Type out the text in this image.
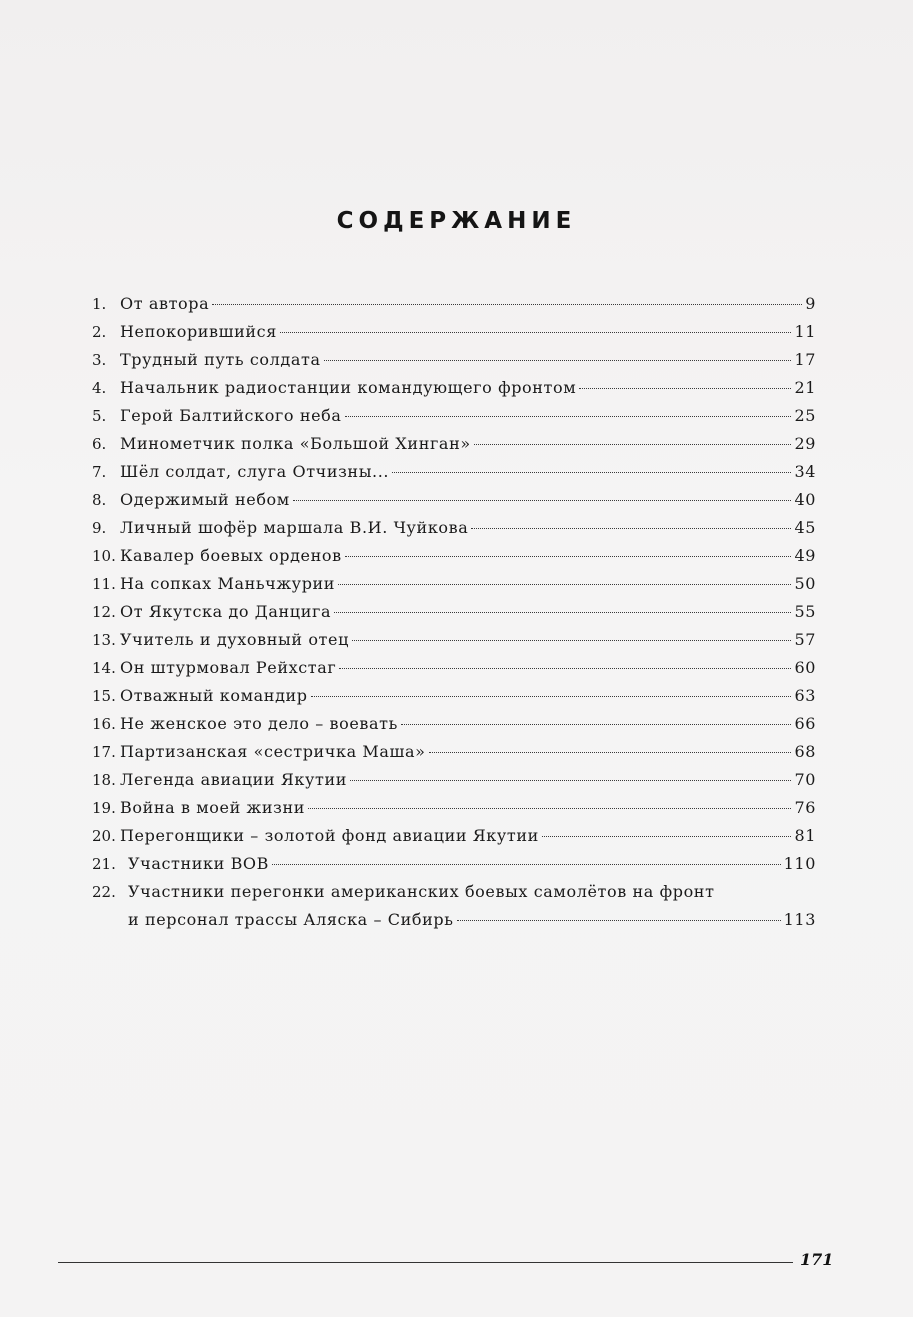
СОДЕРЖАНИЕ
1. От автора	9
2. Непокорившийся	11
3. Трудный путь солдата	17
4. Начальник радиостанции командующего фронтом	21
5. Герой Балтийского неба	25
6. Минометчик полка «Большой Хинган»	29
7. Шёл солдат, слуга Отчизны...	34
8. Одержимый небом	40
9. Личный шофёр маршала В.И. Чуйкова	45
10. Кавалер боевых орденов	49
11. На сопках Маньчжурии	50
12. От Якутска до Данцига	55
13. Учитель и духовный отец	57
14. Он штурмовал Рейхстаг	60
15. Отважный командир	63
16. Не женское это дело – воевать	66
17. Партизанская «сестричка Маша»	68
18. Легенда авиации Якутии	70
19. Война в моей жизни	76
20. Перегонщики – золотой фонд авиации Якутии	81
21. Участники ВОВ	110
22. Участники перегонки американских боевых самолётов на фронт
и персонал трассы Аляска – Сибирь	113
171
